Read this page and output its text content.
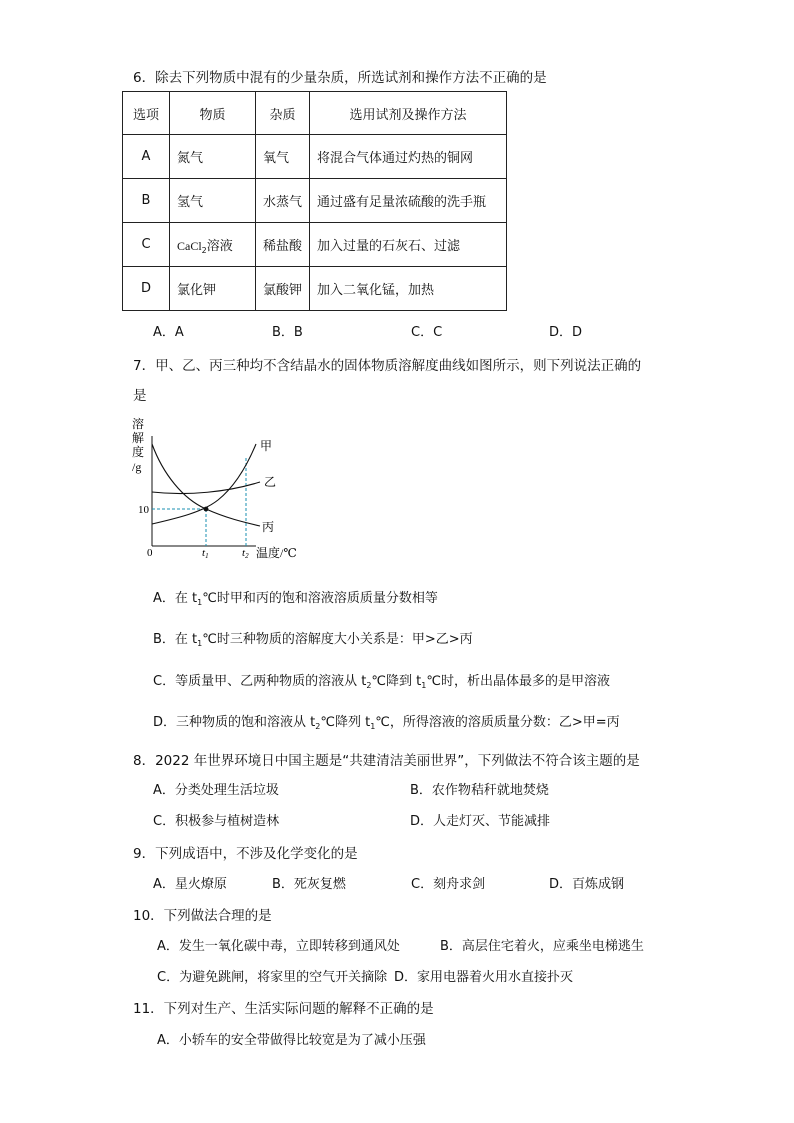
6．除去下列物质中混有的少量杂质，所选试剂和操作方法不正确的是
选项	物质	杂质	选用试剂及操作方法
A	氮气	氧气	将混合气体通过灼热的铜网
B	氢气	水蒸气	通过盛有足量浓硫酸的洗手瓶
C	CaCl$_2$溶液	稀盐酸	加入过量的石灰石、过滤
D	氯化钾	氯酸钾	加入二氧化锰，加热
A．A	B．B	C．C	D．D
7．甲、乙、丙三种均不含结晶水的固体物质溶解度曲线如图所示，则下列说法正确的
是
溶
解
度
/g
0
10
甲
乙
丙
t1	t2 温度/℃
A．在 $t_1℃$时甲和丙的饱和溶液溶质质量分数相等
B．在 $t_1℃$时三种物质的溶解度大小关系是：甲>乙>丙
C．等质量甲、乙两种物质的溶液从 $t_2℃$降到 $t_1℃$时，析出晶体最多的是甲溶液
D．三种物质的饱和溶液从 $t_2℃$降列 $t_1℃$，所得溶液的溶质质量分数：乙>甲=丙
8．2022 年世界环境日中国主题是“共建清洁美丽世界”，下列做法不符合该主题的是
A．分类处理生活垃圾	B．农作物秸秆就地焚烧
C．积极参与植树造林	D．人走灯灭、节能减排
9．下列成语中，不涉及化学变化的是
A．星火燎原	B．死灰复燃	C．刻舟求剑	D．百炼成钢
10．下列做法合理的是
A．发生一氧化碳中毒，立即转移到通风处	B．高层住宅着火，应乘坐电梯逃生
C．为避免跳闸，将家里的空气开关摘除 D．家用电器着火用水直接扑灭
11．下列对生产、生活实际问题的解释不正确的是
A．小轿车的安全带做得比较宽是为了减小压强
